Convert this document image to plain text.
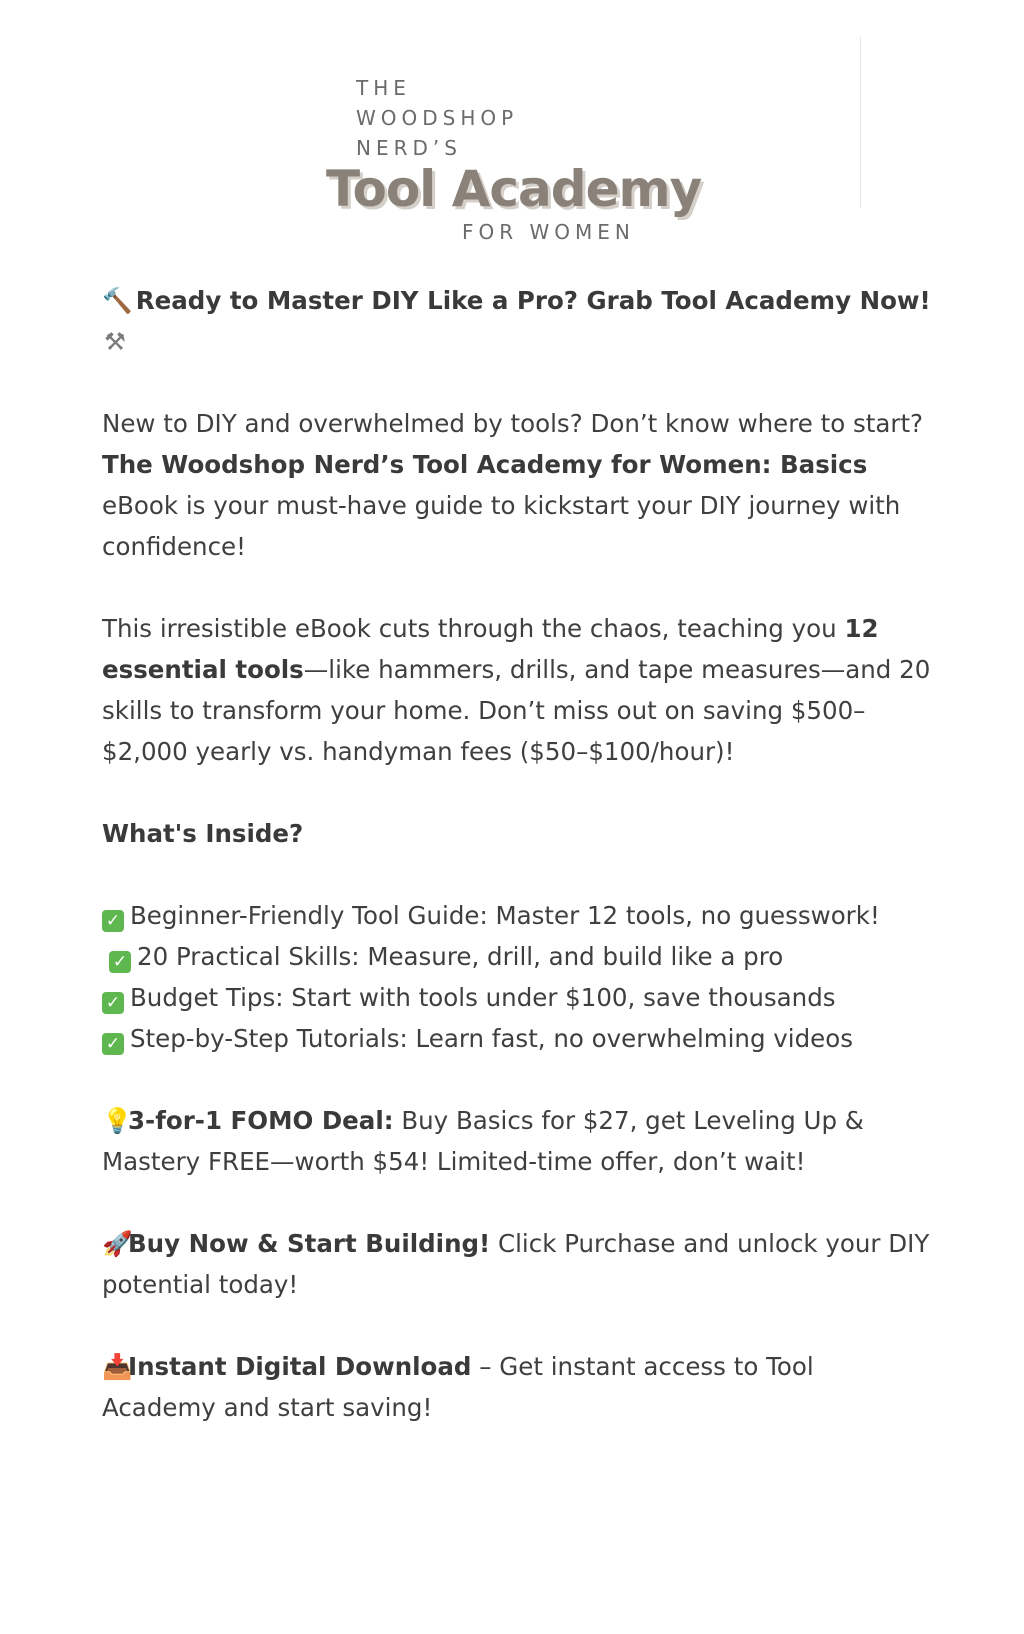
THE
WOODSHOP
NERD’S
Tool Academy
FOR WOMEN

🔨 Ready to Master DIY Like a Pro? Grab Tool Academy Now!
⚒

New to DIY and overwhelmed by tools? Don’t know where to start? The Woodshop Nerd’s Tool Academy for Women: Basics eBook is your must-have guide to kickstart your DIY journey with confidence!

This irresistible eBook cuts through the chaos, teaching you 12 essential tools—like hammers, drills, and tape measures—and 20 skills to transform your home. Don’t miss out on saving $500–$2,000 yearly vs. handyman fees ($50–$100/hour)!

What's Inside?

✓ Beginner-Friendly Tool Guide: Master 12 tools, no guesswork!
✓ 20 Practical Skills: Measure, drill, and build like a pro
✓ Budget Tips: Start with tools under $100, save thousands
✓ Step-by-Step Tutorials: Learn fast, no overwhelming videos

💡3-for-1 FOMO Deal: Buy Basics for $27, get Leveling Up & Mastery FREE—worth $54! Limited-time offer, don’t wait!

🚀Buy Now & Start Building! Click Purchase and unlock your DIY potential today!

📥Instant Digital Download – Get instant access to Tool Academy and start saving!
